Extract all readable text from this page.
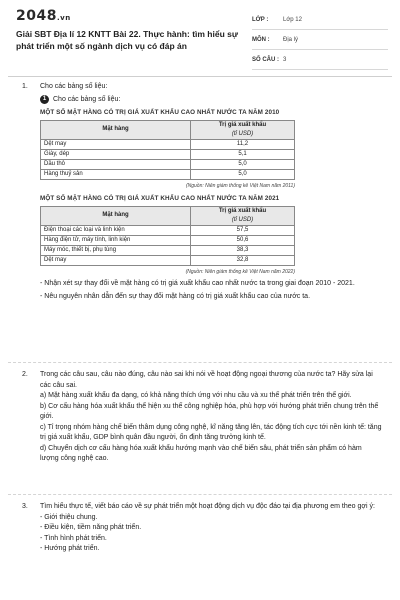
2048.vn
Giải SBT Địa lí 12 KNTT Bài 22. Thực hành: tìm hiểu sự phát triển một số ngành dịch vụ có đáp án
LỚP :	Lớp 12
MÔN :	Địa lý
SỐ CÂU : 3
1.	Cho các bảng số liệu:
1 Cho các bảng số liệu:
MỘT SỐ MẶT HÀNG CÓ TRỊ GIÁ XUẤT KHẨU CAO NHẤT NƯỚC TA NĂM 2010
Mặt hàng	Trị giá xuất khẩu
(tỉ USD)

Dệt may	11,2
Giày, dép	5,1
Dầu thô	5,0
Hàng thuỷ sản	5,0
(Nguồn: Niên giám thống kê Việt Nam năm 2011)
MỘT SỐ MẶT HÀNG CÓ TRỊ GIÁ XUẤT KHẨU CAO NHẤT NƯỚC TA NĂM 2021
Mặt hàng	Trị giá xuất khẩu
(tỉ USD)

Điện thoại các loại và linh kiện	57,5
Hàng điện tử, máy tính, linh kiện	50,6
Máy móc, thiết bị, phụ tùng	38,3
Dệt may	32,8
(Nguồn: Niên giám thống kê Việt Nam năm 2022)
- Nhận xét sự thay đổi về mặt hàng có trị giá xuất khẩu cao nhất nước ta trong giai đoạn 2010 - 2021.
- Nêu nguyên nhân dẫn đến sự thay đổi mặt hàng có trị giá xuất khẩu cao của nước ta.
2.	Trong các câu sau, câu nào đúng, câu nào sai khi nói về hoạt động ngoại thương của nước ta? Hãy sửa lại các câu sai.
a) Mặt hàng xuất khẩu đa dạng, có khả năng thích ứng với nhu cầu và xu thế phát triển trên thế giới.
b) Cơ cấu hàng hóa xuất khẩu thể hiện xu thế công nghiệp hóa, phù hợp với hướng phát triển chung trên thế giới.
c) Tỉ trọng nhóm hàng chế biến thâm dụng công nghệ, kĩ năng tăng lên, tác động tích cực tới nền kinh tế: tăng trị giá xuất khẩu, GDP bình quân đầu người, ổn định tăng trưởng kinh tế.
d) Chuyển dịch cơ cấu hàng hóa xuất khẩu hướng mạnh vào chế biến sâu, phát triển sản phẩm có hàm lượng công nghệ cao.
3.	Tìm hiểu thực tế, viết báo cáo về sự phát triển một hoạt động dịch vụ độc đáo tại địa phương em theo gợi ý:
- Giới thiệu chung.
- Điều kiện, tiềm năng phát triển.
- Tình hình phát triển.
- Hướng phát triển.
